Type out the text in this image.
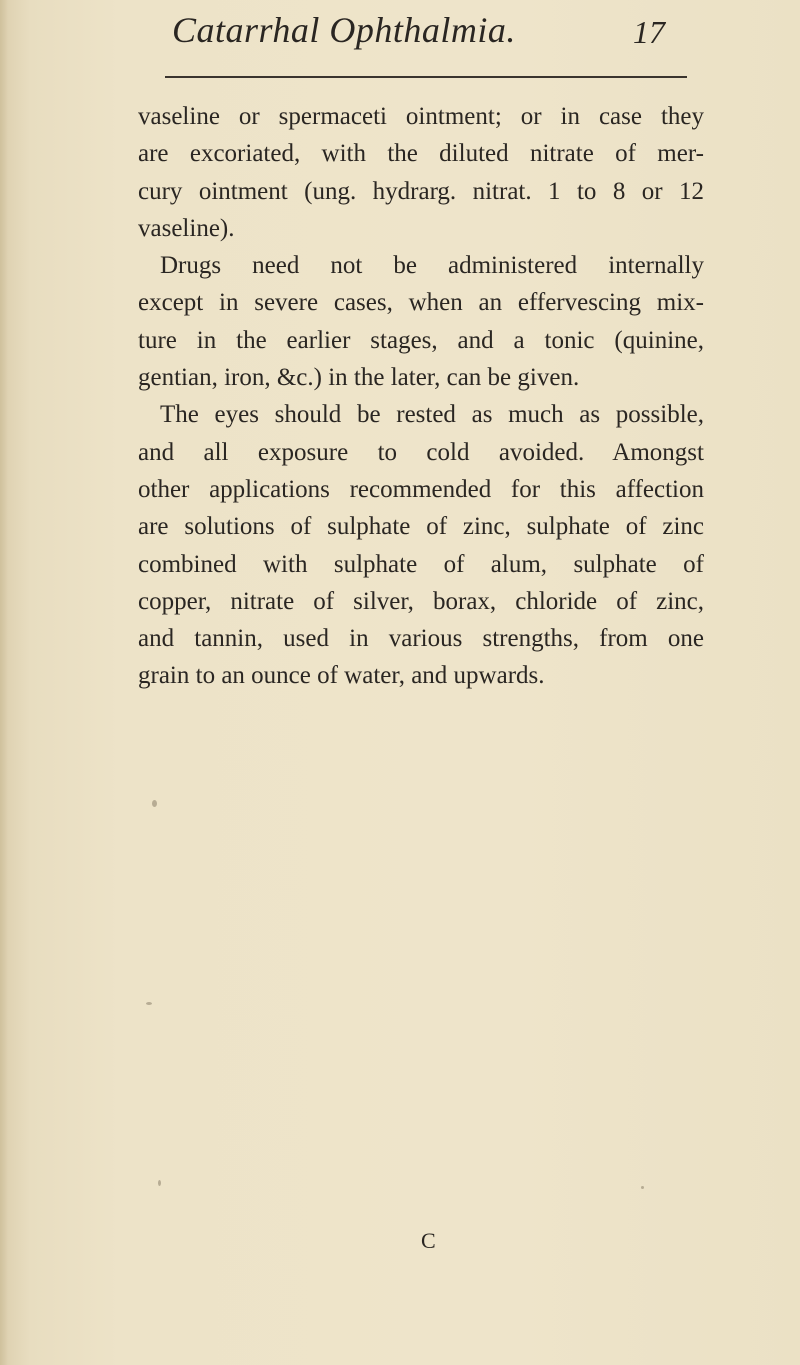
Catarrhal Ophthalmia.	17
vaseline or spermaceti ointment; or in case they
are excoriated, with the diluted nitrate of mer-
cury ointment (ung. hydrarg. nitrat. 1 to 8 or 12
vaseline).
Drugs need not be administered internally
except in severe cases, when an effervescing mix-
ture in the earlier stages, and a tonic (quinine,
gentian, iron, &c.) in the later, can be given.
The eyes should be rested as much as possible,
and all exposure to cold avoided. Amongst
other applications recommended for this affection
are solutions of sulphate of zinc, sulphate of zinc
combined with sulphate of alum, sulphate of
copper, nitrate of silver, borax, chloride of zinc,
and tannin, used in various strengths, from one
grain to an ounce of water, and upwards.
C
